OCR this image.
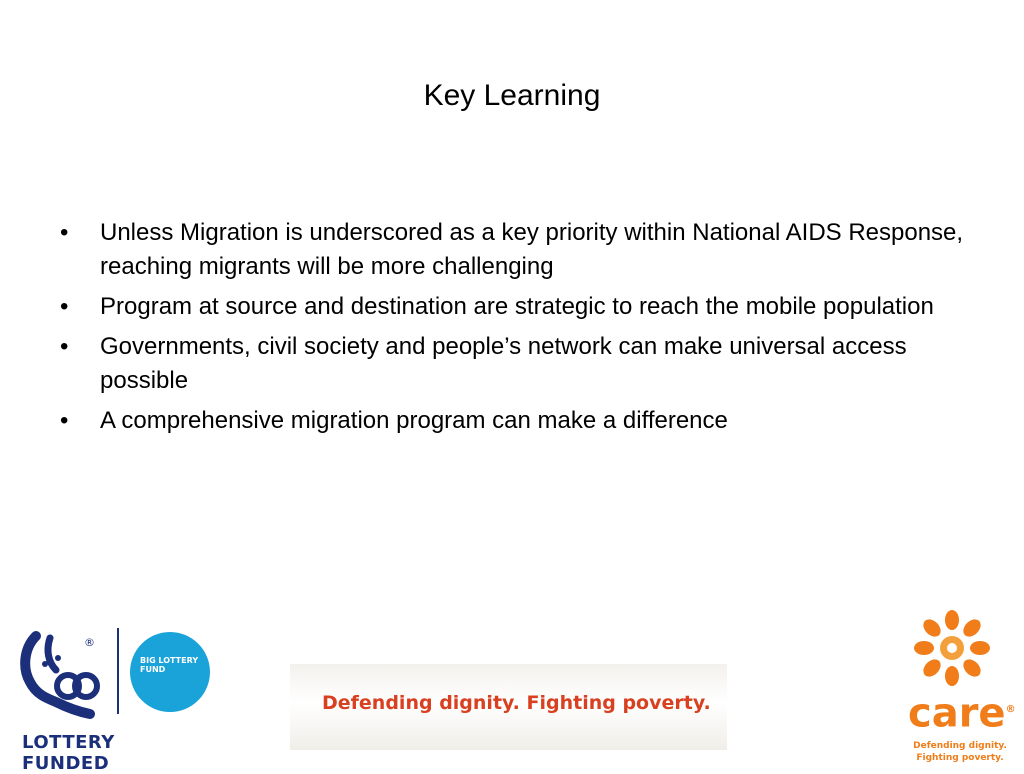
Key Learning
• Unless Migration is underscored as a key priority within National AIDS Response, reaching migrants will be more challenging
• Program at source and destination are strategic to reach the mobile population
• Governments, civil society and people’s network can make universal access possible
• A comprehensive migration program can make a difference
®
BIG LOTTERY FUND
LOTTERY FUNDED
Defending dignity. Fighting poverty.	care®
Defending dignity.
Fighting poverty.
